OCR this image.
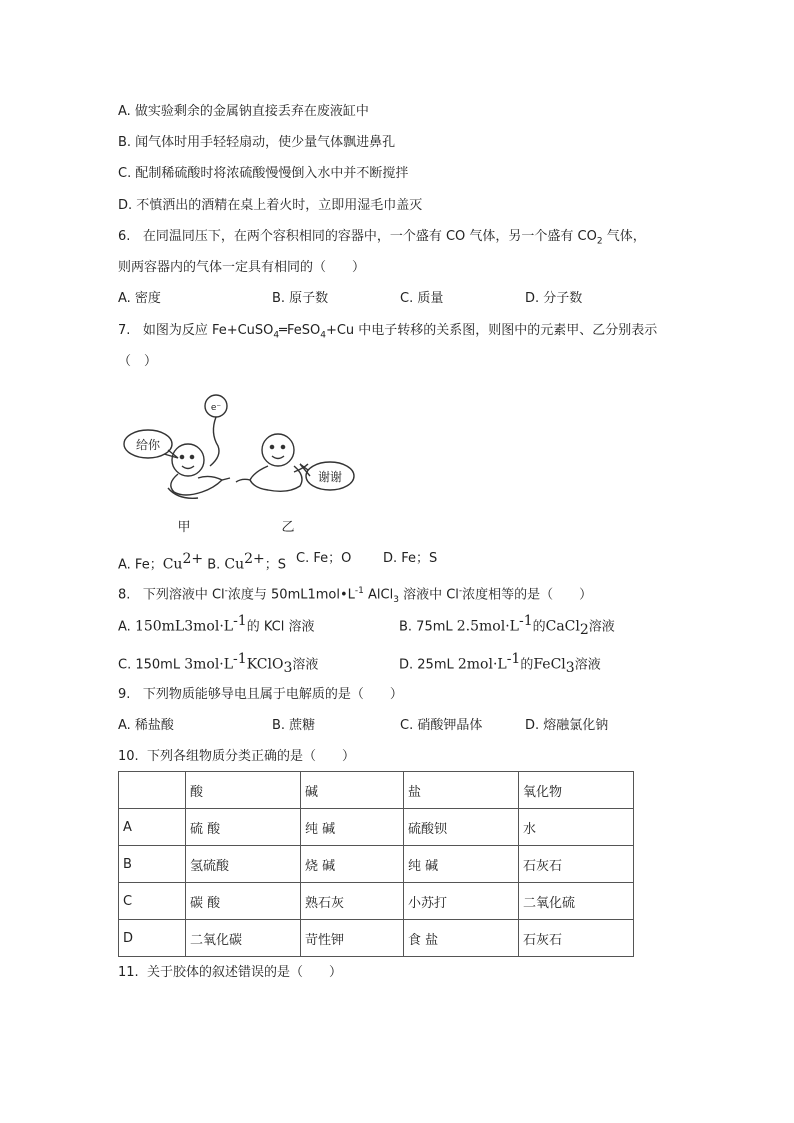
A. 做实验剩余的金属钠直接丢弃在废液缸中
B. 闻气体时用手轻轻扇动，使少量气体飘进鼻孔
C. 配制稀硫酸时将浓硫酸慢慢倒入水中并不断搅拌
D. 不慎洒出的酒精在桌上着火时，立即用湿毛巾盖灭
6. 在同温同压下，在两个容积相同的容器中，一个盛有 CO 气体，另一个盛有 $CO_2$ 气体，
则两容器内的气体一定具有相同的（　　）
A. 密度	B. 原子数	C. 质量	D. 分子数
7. 如图为反应 Fe+CuSO$_4$═FeSO$_4$+Cu 中电子转移的关系图，则图中的元素甲、乙分别表示
（　）
e⁻
给你
谢谢
甲	乙
A. Fe；$Cu^{2+}$ B. $Cu^{2+}$；S C. Fe；O D. Fe；S
8. 下列溶液中 Cl-浓度与 $50mL1mol•L^{-1}$ AlCl$_3$ 溶液中 Cl-浓度相等的是（　　）
A. $150mL3mol\cdot L^{-1}$的 KCl 溶液	B. 75mL $2.5mol\cdot L^{-1}$的CaCl$_2$溶液
C. 150mL $3mol\cdot L^{-1}KClO_3$溶液	D. 25mL $2mol\cdot L^{-1}$的FeCl$_3$溶液
9. 下列物质能够导电且属于电解质的是（　　）
A. 稀盐酸	B. 蔗糖	C. 硝酸钾晶体	D. 熔融氯化钠
10. 下列各组物质分类正确的是（　　）
	酸	碱	盐	氧化物
A	硫 酸	纯 碱	硫酸钡	水
B	氢硫酸	烧 碱	纯 碱	石灰石
C	碳 酸	熟石灰	小苏打	二氧化硫
D	二氧化碳	苛性钾	食 盐	石灰石
11. 关于胶体的叙述错误的是（　　）
